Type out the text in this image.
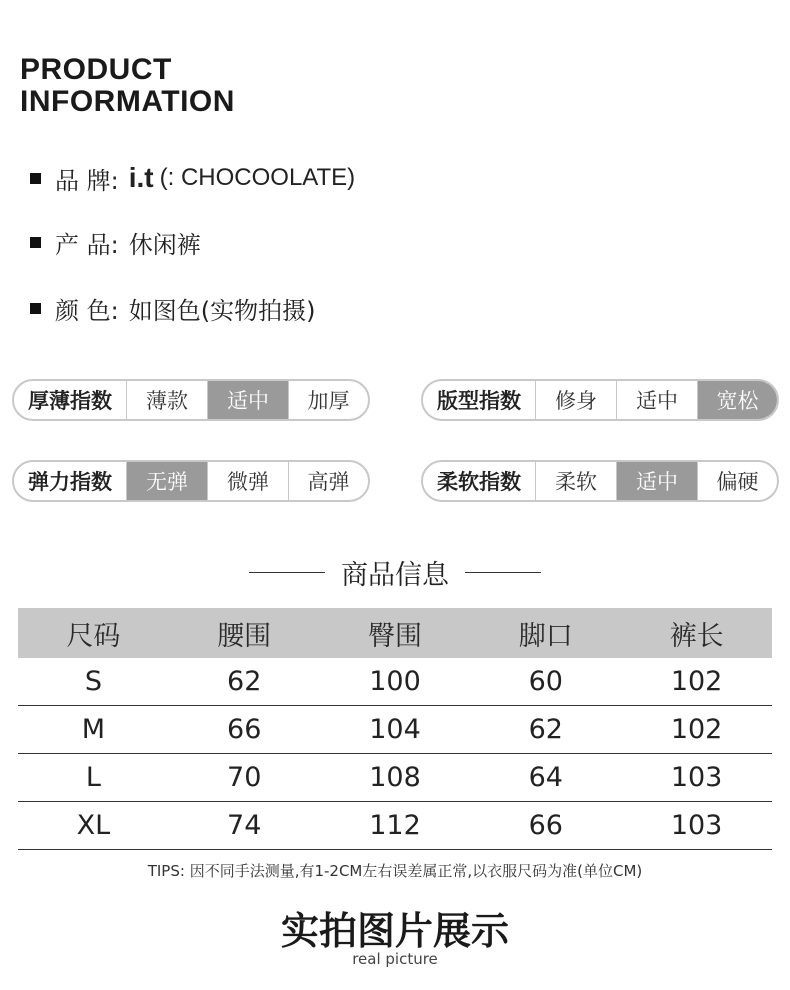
PRODUCT
INFORMATION
品 牌: i.t (: CHOCOOLATE)
产 品: 休闲裤
颜 色: 如图色(实物拍摄)
厚薄指数	薄款	适中	加厚	版型指数	修身	适中	宽松
弹力指数	无弹	微弹	高弹	柔软指数	柔软	适中	偏硬
商品信息
尺码	腰围	臀围	脚口	裤长
S	62	100	60	102
M	66	104	62	102
L	70	108	64	103
XL	74	112	66	103
TIPS: 因不同手法测量,有1-2CM左右误差属正常,以衣服尺码为准(单位CM)
实拍图片展示
real picture
